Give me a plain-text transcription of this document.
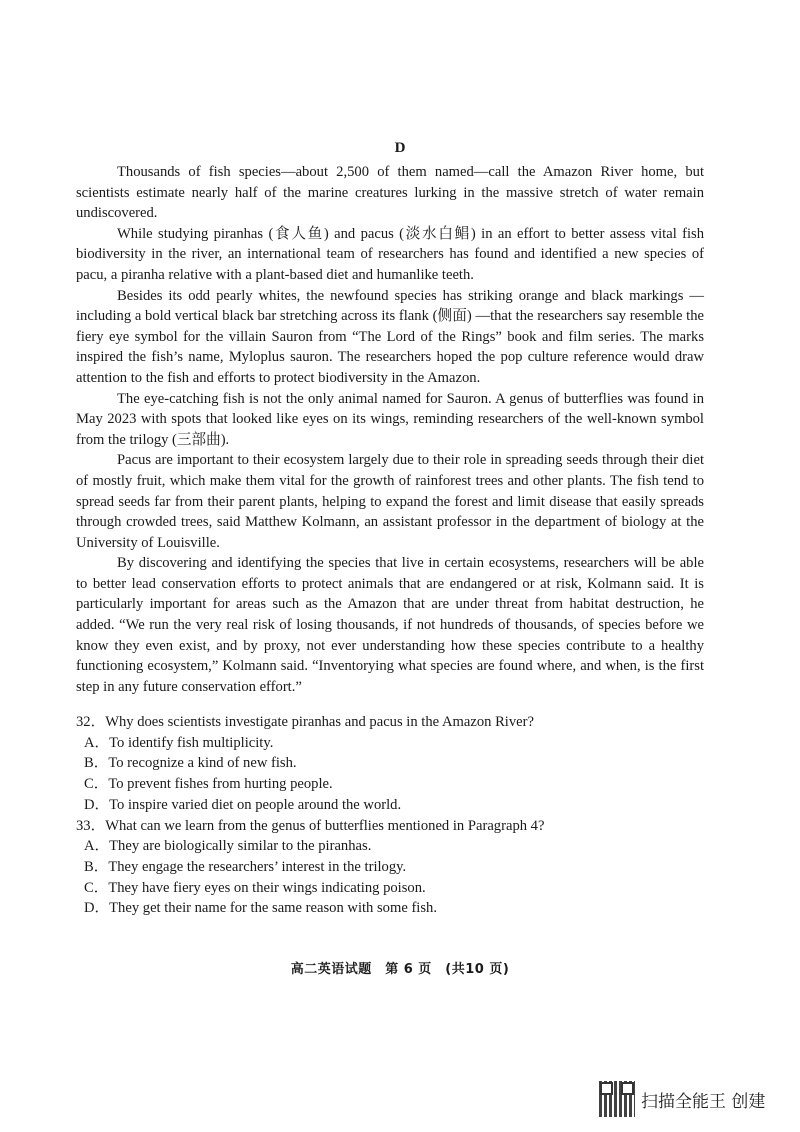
D

Thousands of fish species—about 2,500 of them named—call the Amazon River home, but scientists estimate nearly half of the marine creatures lurking in the massive stretch of water remain undiscovered.

While studying piranhas (食人鱼) and pacus (淡水白鲳) in an effort to better assess vital fish biodiversity in the river, an international team of researchers has found and identified a new species of pacu, a piranha relative with a plant-based diet and humanlike teeth.

Besides its odd pearly whites, the newfound species has striking orange and black markings —including a bold vertical black bar stretching across its flank (侧面) —that the researchers say resemble the fiery eye symbol for the villain Sauron from “The Lord of the Rings” book and film series. The marks inspired the fish’s name, Myloplus sauron. The researchers hoped the pop culture reference would draw attention to the fish and efforts to protect biodiversity in the Amazon.

The eye-catching fish is not the only animal named for Sauron. A genus of butterflies was found in May 2023 with spots that looked like eyes on its wings, reminding researchers of the well-known symbol from the trilogy (三部曲).

Pacus are important to their ecosystem largely due to their role in spreading seeds through their diet of mostly fruit, which make them vital for the growth of rainforest trees and other plants. The fish tend to spread seeds far from their parent plants, helping to expand the forest and limit disease that easily spreads through crowded trees, said Matthew Kolmann, an assistant professor in the department of biology at the University of Louisville.

By discovering and identifying the species that live in certain ecosystems, researchers will be able to better lead conservation efforts to protect animals that are endangered or at risk, Kolmann said. It is particularly important for areas such as the Amazon that are under threat from habitat destruction, he added. “We run the very real risk of losing thousands, if not hundreds of thousands, of species before we know they even exist, and by proxy, not ever understanding how these species contribute to a healthy functioning ecosystem,” Kolmann said. “Inventorying what species are found where, and when, is the first step in any future conservation effort.”

32．Why does scientists investigate piranhas and pacus in the Amazon River?

A．To identify fish multiplicity.

B．To recognize a kind of new fish.

C．To prevent fishes from hurting people.

D．To inspire varied diet on people around the world.

33．What can we learn from the genus of butterflies mentioned in Paragraph 4?

A．They are biologically similar to the piranhas.

B．They engage the researchers’ interest in the trilogy.

C．They have fiery eyes on their wings indicating poison.

D．They get their name for the same reason with some fish.

高二英语试题　第 6 页　(共10 页)
扫描全能王 创建
